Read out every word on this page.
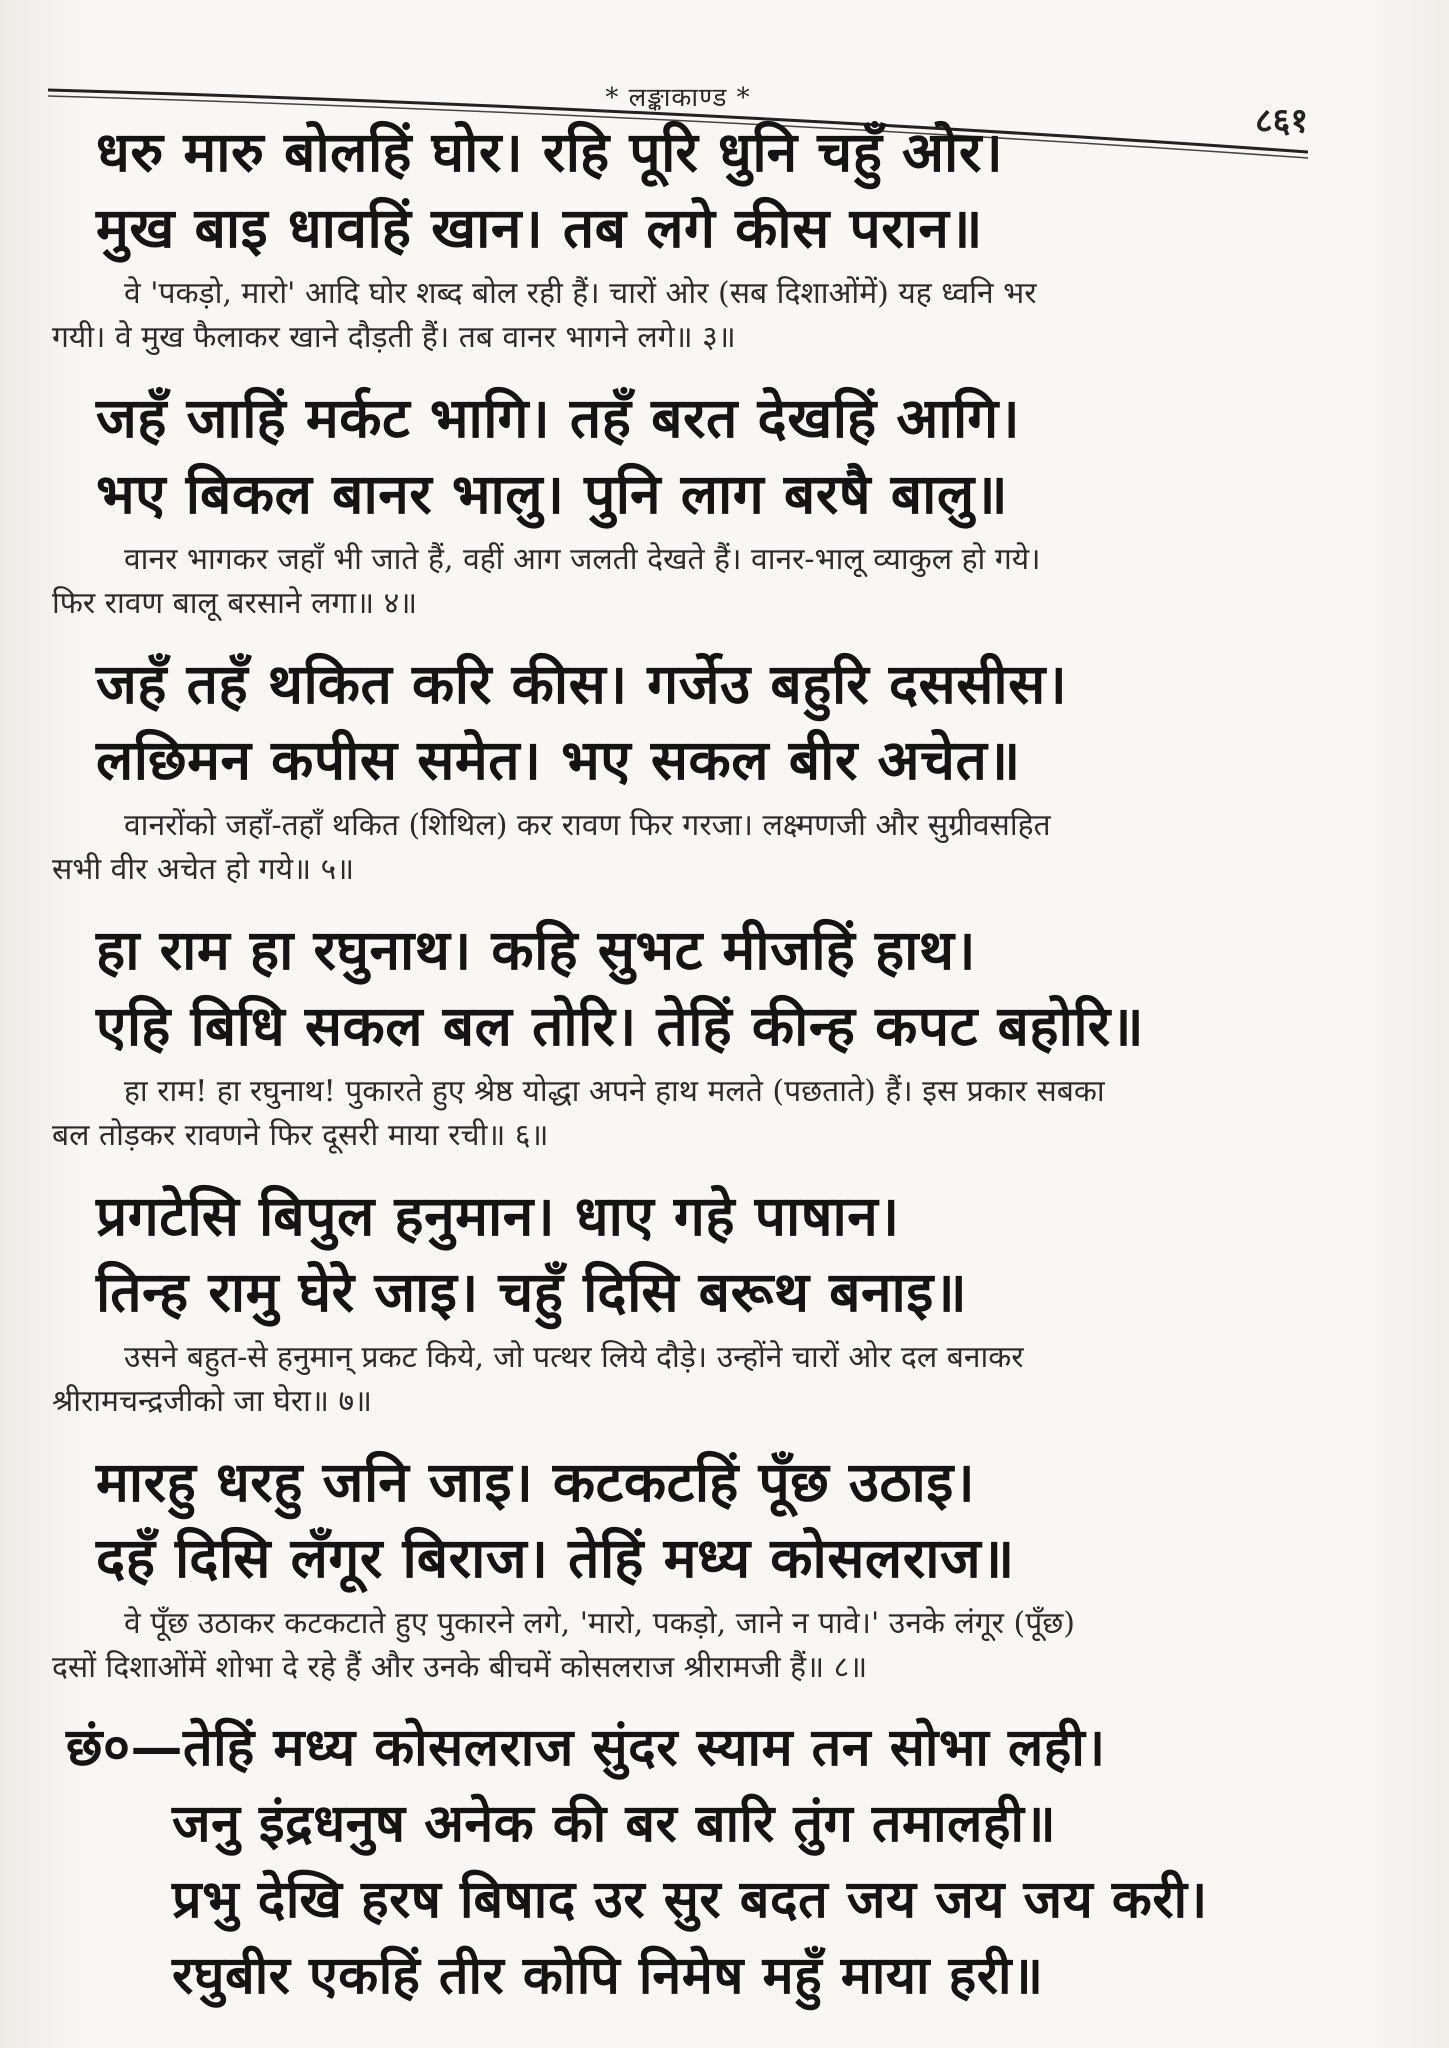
* लङ्काकाण्ड *
८६१
धरु मारु बोलहिं घोर। रहि पूरि धुनि चहुँ ओर।
मुख बाइ धावहिं खान। तब लगे कीस परान॥
वे 'पकड़ो, मारो' आदि घोर शब्द बोल रही हैं। चारों ओर (सब दिशाओंमें) यह ध्वनि भर
गयी। वे मुख फैलाकर खाने दौड़ती हैं। तब वानर भागने लगे॥ ३॥
जहँ जाहिं मर्कट भागि। तहँ बरत देखहिं आगि।
भए बिकल बानर भालु। पुनि लाग बरषै बालु॥
वानर भागकर जहाँ भी जाते हैं, वहीं आग जलती देखते हैं। वानर-भालू व्याकुल हो गये।
फिर रावण बालू बरसाने लगा॥ ४॥
जहँ तहँ थकित करि कीस। गर्जेउ बहुरि दससीस।
लछिमन कपीस समेत। भए सकल बीर अचेत॥
वानरोंको जहाँ-तहाँ थकित (शिथिल) कर रावण फिर गरजा। लक्ष्मणजी और सुग्रीवसहित
सभी वीर अचेत हो गये॥ ५॥
हा राम हा रघुनाथ। कहि सुभट मीजहिं हाथ।
एहि बिधि सकल बल तोरि। तेहिं कीन्ह कपट बहोरि॥
हा राम! हा रघुनाथ! पुकारते हुए श्रेष्ठ योद्धा अपने हाथ मलते (पछताते) हैं। इस प्रकार सबका
बल तोड़कर रावणने फिर दूसरी माया रची॥ ६॥
प्रगटेसि बिपुल हनुमान। धाए गहे पाषान।
तिन्ह रामु घेरे जाइ। चहुँ दिसि बरूथ बनाइ॥
उसने बहुत-से हनुमान् प्रकट किये, जो पत्थर लिये दौड़े। उन्होंने चारों ओर दल बनाकर
श्रीरामचन्द्रजीको जा घेरा॥ ७॥
मारहु धरहु जनि जाइ। कटकटहिं पूँछ उठाइ।
दहँ दिसि लँगूर बिराज। तेहिं मध्य कोसलराज॥
वे पूँछ उठाकर कटकटाते हुए पुकारने लगे, 'मारो, पकड़ो, जाने न पावे।' उनके लंगूर (पूँछ)
दसों दिशाओंमें शोभा दे रहे हैं और उनके बीचमें कोसलराज श्रीरामजी हैं॥ ८॥
छं०—तेहिं मध्य कोसलराज सुंदर स्याम तन सोभा लही।
जनु इंद्रधनुष अनेक की बर बारि तुंग तमालही॥
प्रभु देखि हरष बिषाद उर सुर बदत जय जय जय करी।
रघुबीर एकहिं तीर कोपि निमेष महुँ माया हरी॥
